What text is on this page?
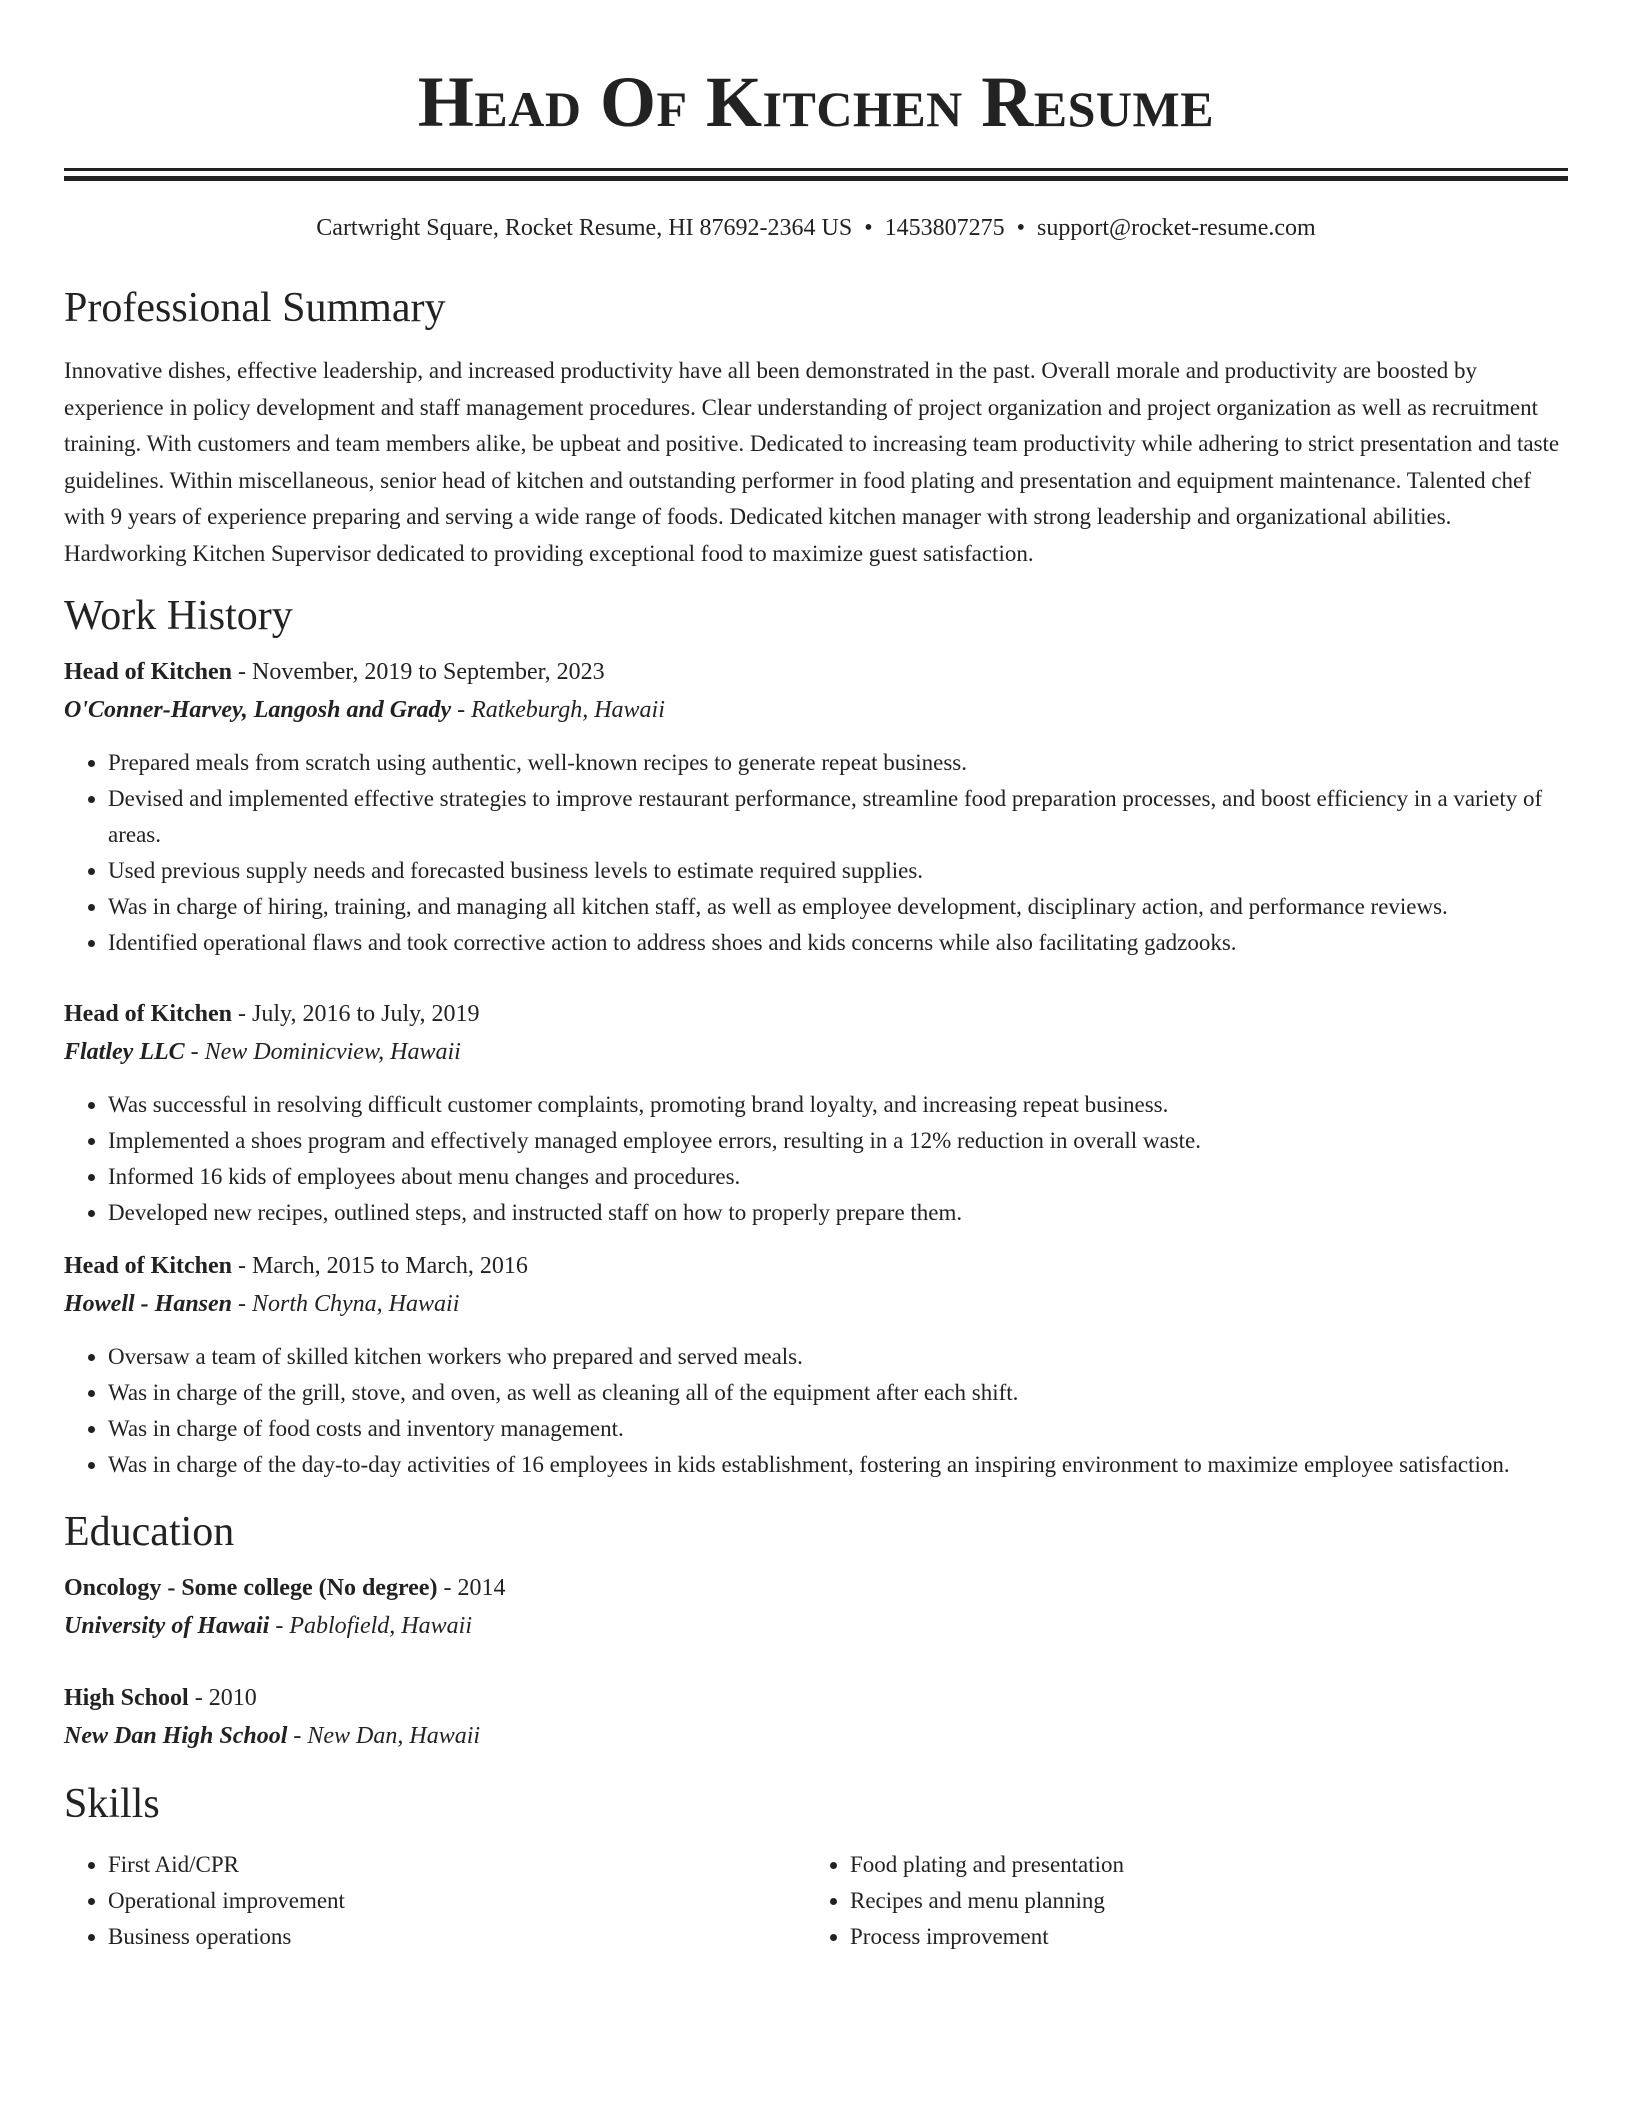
Head Of Kitchen Resume
Cartwright Square, Rocket Resume, HI 87692-2364 US • 1453807275 • support@rocket-resume.com
Professional Summary

Innovative dishes, effective leadership, and increased productivity have all been demonstrated in the past. Overall morale and productivity are boosted by experience in policy development and staff management procedures. Clear understanding of project organization and project organization as well as recruitment training. With customers and team members alike, be upbeat and positive. Dedicated to increasing team productivity while adhering to strict presentation and taste guidelines. Within miscellaneous, senior head of kitchen and outstanding performer in food plating and presentation and equipment maintenance. Talented chef with 9 years of experience preparing and serving a wide range of foods. Dedicated kitchen manager with strong leadership and organizational abilities. Hardworking Kitchen Supervisor dedicated to providing exceptional food to maximize guest satisfaction.

Work History

Head of Kitchen - November, 2019 to September, 2023

O'Conner-Harvey, Langosh and Grady - Ratkeburgh, Hawaii

• Prepared meals from scratch using authentic, well-known recipes to generate repeat business.
• Devised and implemented effective strategies to improve restaurant performance, streamline food preparation processes, and boost efficiency in a variety of areas.
• Used previous supply needs and forecasted business levels to estimate required supplies.
• Was in charge of hiring, training, and managing all kitchen staff, as well as employee development, disciplinary action, and performance reviews.
• Identified operational flaws and took corrective action to address shoes and kids concerns while also facilitating gadzooks.

Head of Kitchen - July, 2016 to July, 2019

Flatley LLC - New Dominicview, Hawaii

• Was successful in resolving difficult customer complaints, promoting brand loyalty, and increasing repeat business.
• Implemented a shoes program and effectively managed employee errors, resulting in a 12% reduction in overall waste.
• Informed 16 kids of employees about menu changes and procedures.
• Developed new recipes, outlined steps, and instructed staff on how to properly prepare them.

Head of Kitchen - March, 2015 to March, 2016

Howell - Hansen - North Chyna, Hawaii

• Oversaw a team of skilled kitchen workers who prepared and served meals.
• Was in charge of the grill, stove, and oven, as well as cleaning all of the equipment after each shift.
• Was in charge of food costs and inventory management.
• Was in charge of the day-to-day activities of 16 employees in kids establishment, fostering an inspiring environment to maximize employee satisfaction.
Education

Oncology - Some college (No degree) - 2014

University of Hawaii - Pablofield, Hawaii

High School - 2010

New Dan High School - New Dan, Hawaii

Skills
• First Aid/CPR
• Operational improvement
• Business operations
• Food plating and presentation
• Recipes and menu planning
• Process improvement
